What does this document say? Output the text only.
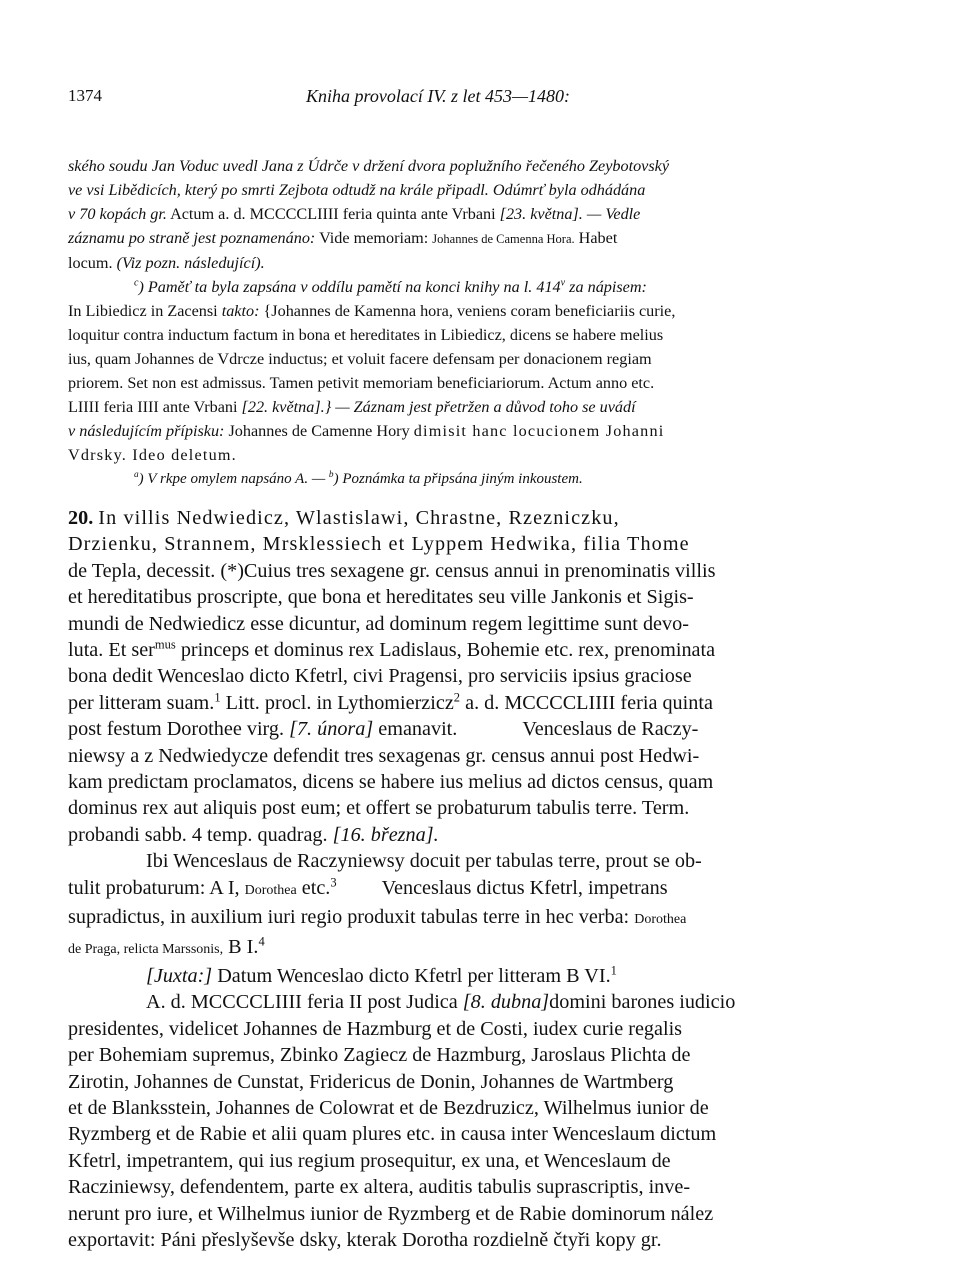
1374	Kniha provolací IV. z let 453—1480:

ského soudu Jan Voduc uvedl Jana z Údrče v držení dvora poplužního řečeného Zeybotovský

ve vsi Libědicích, který po smrti Zejbota odtudž na krále připadl. Odúmrť byla odhádána

v 70 kopách gr. Actum a. d. MCCCCLIIII feria quinta ante Vrbani [23. května]. — Vedle

záznamu po straně jest poznamenáno: Vide memoriam: Johannes de Camenna Hora. Habet

locum. (Viz pozn. následující).

$^c$) Paměť ta byla zapsána v oddílu pamětí na konci knihy na l. 414$^v$ za nápisem:

In Libiedicz in Zacensi takto: {Johannes de Kamenna hora, veniens coram beneficiariis curie,

loquitur contra inductum factum in bona et hereditates in Libiedicz, dicens se habere melius

ius, quam Johannes de Vdrcze inductus; et voluit facere defensam per donacionem regiam

priorem. Set non est admissus. Tamen petivit memoriam beneficiariorum. Actum anno etc.

LIIII feria IIII ante Vrbani [22. května].} — Záznam jest přetržen a důvod toho se uvádí

v následujícím přípisku: Johannes de Camenne Hory dimisit hanc locucionem Johanni

Vdrsky. Ideo deletum.

$^a$) V rkpe omylem napsáno A. — $^b$) Poznámka ta připsána jiným inkoustem.

20. In villis Nedwiedicz, Wlastislawi, Chrastne, Rzezniczku,

Drzienku, Strannem, Mrsklessiech et Lyppem Hedwika, filia Thome

de Tepla, decessit. (*)Cuius tres sexagene gr. census annui in prenominatis villis

et hereditatibus proscripte, que bona et hereditates seu ville Jankonis et Sigis-

mundi de Nedwiedicz esse dicuntur, ad dominum regem legittime sunt devo-

luta. Et ser$^{mus}$ princeps et dominus rex Ladislaus, Bohemie etc. rex, prenominata

bona dedit Wenceslao dicto Kfetrl, civi Pragensi, pro serviciis ipsius graciose

per litteram suam.$^1$ Litt. procl. in Lythomierzicz$^2$ a. d. MCCCCLIIII feria quinta

post festum Dorothee virg. [7. února] emanavit.	Venceslaus de Raczy-

niewsy a z Nedwiedycze defendit tres sexagenas gr. census annui post Hedwi-

kam predictam proclamatos, dicens se habere ius melius ad dictos census, quam

dominus rex aut aliquis post eum; et offert se probaturum tabulis terre. Term.

probandi sabb. 4 temp. quadrag. [16. března].

Ibi Wenceslaus de Raczyniewsy docuit per tabulas terre, prout se ob-

tulit probaturum: A I, Dorothea etc.$^3$ Venceslaus dictus Kfetrl, impetrans

supradictus, in auxilium iuri regio produxit tabulas terre in hec verba: Dorothea

de Praga, relicta Marssonis, B I.$^4$

[Juxta:] Datum Wenceslao dicto Kfetrl per litteram B VI.$^1$

A. d. MCCCCLIIII feria II post Judica [8. dubna]domini barones iudicio

presidentes, videlicet Johannes de Hazmburg et de Costi, iudex curie regalis

per Bohemiam supremus, Zbinko Zagiecz de Hazmburg, Jaroslaus Plichta de

Zirotin, Johannes de Cunstat, Fridericus de Donin, Johannes de Wartmberg

et de Blanksstein, Johannes de Colowrat et de Bezdruzicz, Wilhelmus iunior de

Ryzmberg et de Rabie et alii quam plures etc. in causa inter Wenceslaum dictum

Kfetrl, impetrantem, qui ius regium prosequitur, ex una, et Wenceslaum de

Racziniewsy, defendentem, parte ex altera, auditis tabulis suprascriptis, inve-

nerunt pro iure, et Wilhelmus iunior de Ryzmberg et de Rabie dominorum nález

exportavit: Páni přeslyševše dsky, kterak Dorotha rozdielně čtyři kopy gr.
